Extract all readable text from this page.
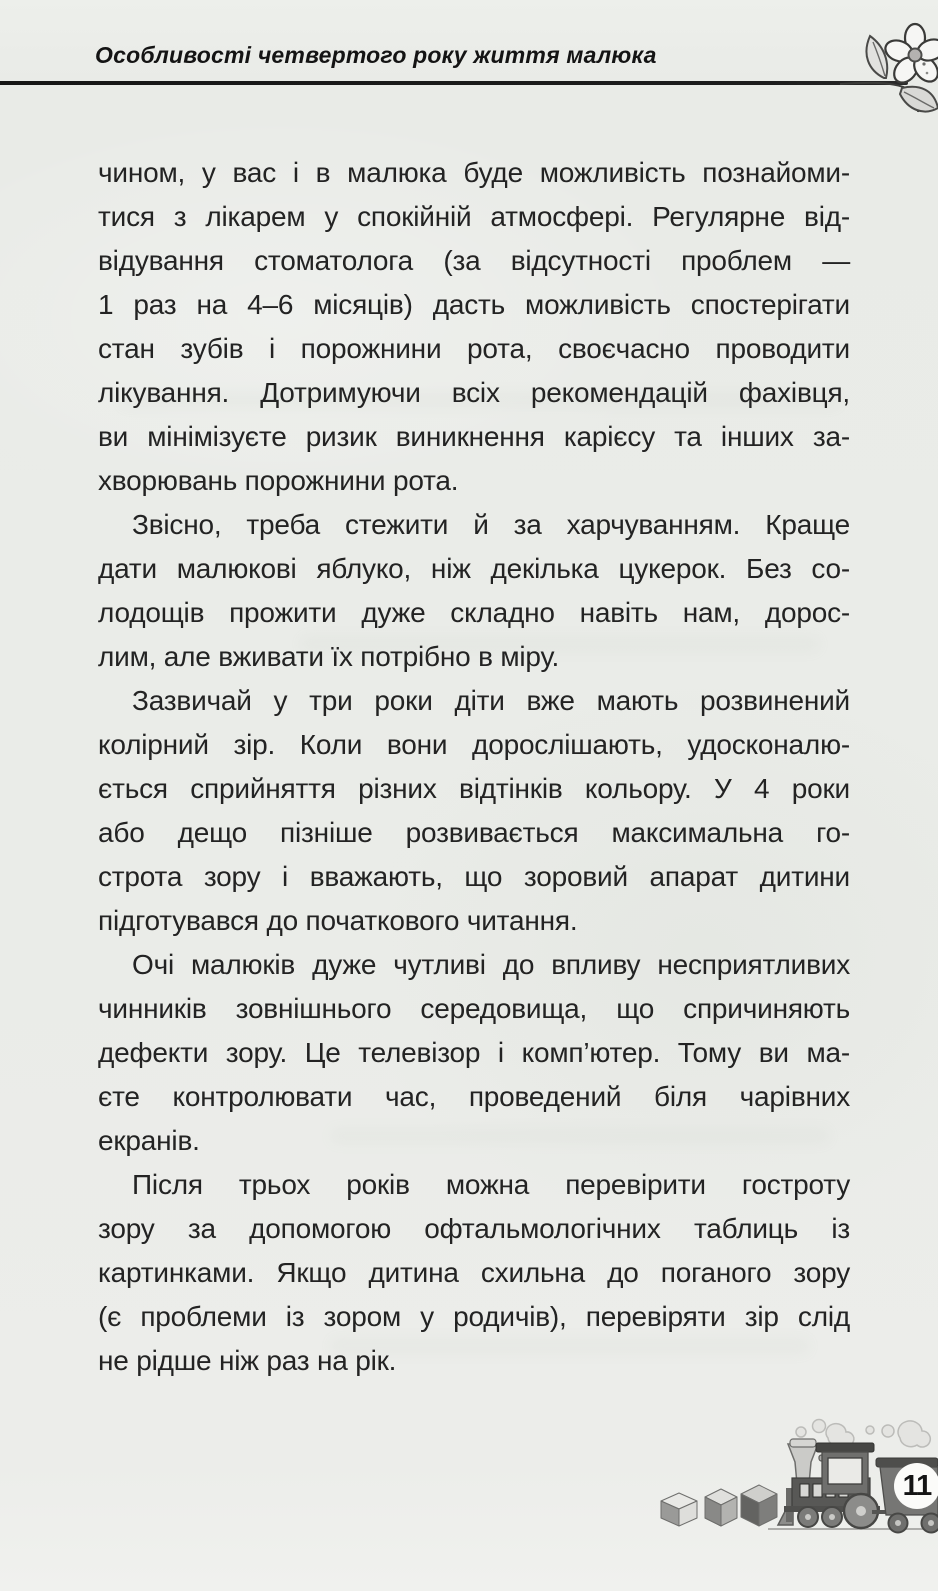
Особливості четвертого року життя малюка
чином, у вас і в малюка буде можливість познайоми-
тися з лікарем у спокійній атмосфері. Регулярне від-
відування стоматолога (за відсутності проблем —
1 раз на 4–6 місяців) дасть можливість спостерігати
стан зубів і порожнини рота, своєчасно проводити
лікування. Дотримуючи всіх рекомендацій фахівця,
ви мінімізуєте ризик виникнення карієсу та інших за-
хворювань порожнини рота.
Звісно, треба стежити й за харчуванням. Краще
дати малюкові яблуко, ніж декілька цукерок. Без со-
лодощів прожити дуже складно навіть нам, дорос-
лим, але вживати їх потрібно в міру.
Зазвичай у три роки діти вже мають розвинений
колірний зір. Коли вони дорослішають, удосконалю-
ється сприйняття різних відтінків кольору. У 4 роки
або дещо пізніше розвивається максимальна го-
строта зору і вважають, що зоровий апарат дитини
підготувався до початкового читання.
Очі малюків дуже чутливі до впливу несприятливих
чинників зовнішнього середовища, що спричиняють
дефекти зору. Це телевізор і комп’ютер. Тому ви ма-
єте контролювати час, проведений біля чарівних
екранів.
Після трьох років можна перевірити гостроту
зору за допомогою офтальмологічних таблиць із
картинками. Якщо дитина схильна до поганого зору
(є проблеми із зором у родичів), перевіряти зір слід
не рідше ніж раз на рік.
11
